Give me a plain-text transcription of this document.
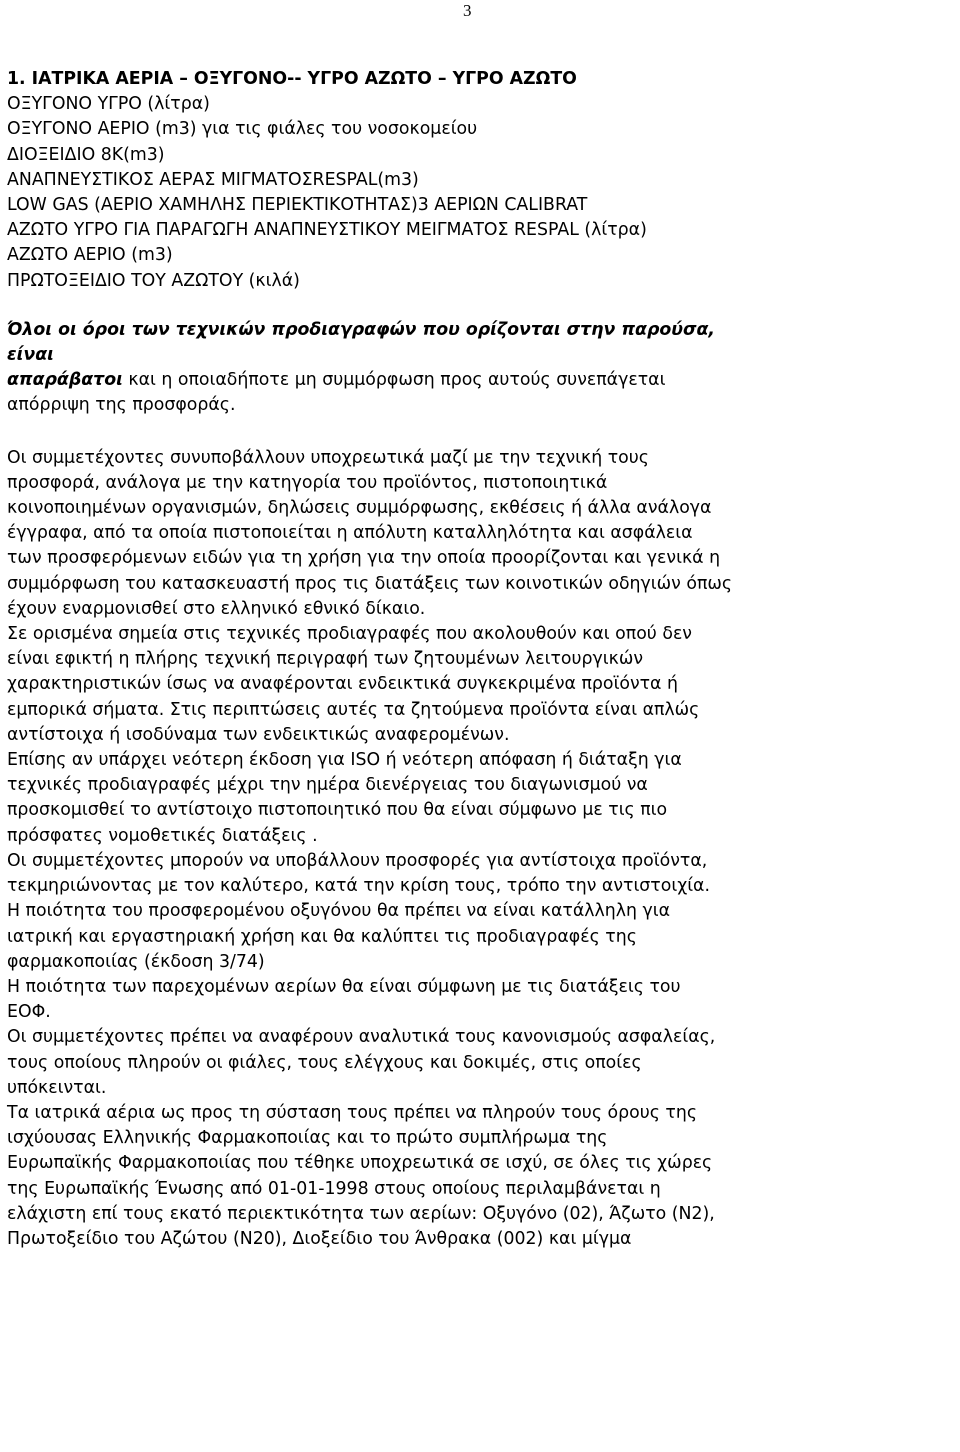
3
1. ΙΑΤΡΙΚΑ ΑΕΡΙΑ – ΟΞΥΓΟΝΟ-- ΥΓΡΟ ΑΖΩΤΟ – ΥΓΡΟ ΑΖΩΤΟ
ΟΞΥΓΟΝΟ ΥΓΡΟ (λίτρα)
ΟΞΥΓΟΝΟ ΑΕΡΙΟ (m3) για τις φιάλες του νοσοκομείου
ΔΙΟΞΕΙΔΙΟ 8Κ(m3)
ΑΝΑΠΝΕΥΣΤΙΚΟΣ ΑΕΡΑΣ ΜΙΓΜΑΤΟΣRESPAL(m3)
LOW GAS (ΑΕΡΙΟ ΧΑΜΗΛΗΣ ΠΕΡΙΕΚΤΙΚΟΤΗΤΑΣ)3 ΑΕΡΙΩΝ CALIBRAT
ΑΖΩΤΟ ΥΓΡΟ ΓΙΑ ΠΑΡΑΓΩΓΗ ΑΝΑΠΝΕΥΣΤΙΚΟΥ ΜΕΙΓΜΑΤΟΣ RESPAL (λίτρα)
ΑΖΩΤΟ ΑΕΡΙΟ (m3)
ΠΡΩΤΟΞΕΙΔΙΟ ΤΟΥ ΑΖΩΤΟΥ (κιλά)
Όλοι οι όροι των τεχνικών προδιαγραφών που ορίζονται στην παρούσα,
είναι
απαράβατοι και η οποιαδήποτε μη συμμόρφωση προς αυτούς συνεπάγεται
απόρριψη της προσφοράς.
Οι συμμετέχοντες συνυποβάλλουν υποχρεωτικά μαζί με την τεχνική τους
προσφορά, ανάλογα με την κατηγορία του προϊόντος, πιστοποιητικά
κοινοποιημένων οργανισμών, δηλώσεις συμμόρφωσης, εκθέσεις ή άλλα ανάλογα
έγγραφα, από τα οποία πιστοποιείται η απόλυτη καταλληλότητα και ασφάλεια
των προσφερόμενων ειδών για τη χρήση για την οποία προορίζονται και γενικά η
συμμόρφωση του κατασκευαστή προς τις διατάξεις των κοινοτικών οδηγιών όπως
έχουν εναρμονισθεί στο ελληνικό εθνικό δίκαιο.
Σε ορισμένα σημεία στις τεχνικές προδιαγραφές που ακολουθούν και οπού δεν
είναι εφικτή η πλήρης τεχνική περιγραφή των ζητουμένων λειτουργικών
χαρακτηριστικών ίσως να αναφέρονται ενδεικτικά συγκεκριμένα προϊόντα ή
εμπορικά σήματα. Στις περιπτώσεις αυτές τα ζητούμενα προϊόντα είναι απλώς
αντίστοιχα ή ισοδύναμα των ενδεικτικώς αναφερομένων.
Επίσης αν υπάρχει νεότερη έκδοση για ISO ή νεότερη απόφαση ή διάταξη για
τεχνικές προδιαγραφές μέχρι την ημέρα διενέργειας του διαγωνισμού να
προσκομισθεί το αντίστοιχο πιστοποιητικό που θα είναι σύμφωνο με τις πιο
πρόσφατες νομοθετικές διατάξεις .
Οι συμμετέχοντες μπορούν να υποβάλλουν προσφορές για αντίστοιχα προϊόντα,
τεκμηριώνοντας με τον καλύτερο, κατά την κρίση τους, τρόπο την αντιστοιχία.
Η ποιότητα του προσφερομένου οξυγόνου θα πρέπει να είναι κατάλληλη για
ιατρική και εργαστηριακή χρήση και θα καλύπτει τις προδιαγραφές της
φαρμακοποιίας (έκδοση 3/74)
Η ποιότητα των παρεχομένων αερίων θα είναι σύμφωνη με τις διατάξεις του
ΕΟΦ.
Οι συμμετέχοντες πρέπει να αναφέρουν αναλυτικά τους κανονισμούς ασφαλείας,
τους οποίους πληρούν οι φιάλες, τους ελέγχους και δοκιμές, στις οποίες
υπόκεινται.
Τα ιατρικά αέρια ως προς τη σύσταση τους πρέπει να πληρούν τους όρους της
ισχύουσας Ελληνικής Φαρμακοποιίας και το πρώτο συμπλήρωμα της
Ευρωπαϊκής Φαρμακοποιίας που τέθηκε υποχρεωτικά σε ισχύ, σε όλες τις χώρες
της Ευρωπαϊκής Ένωσης από 01-01-1998 στους οποίους περιλαμβάνεται η
ελάχιστη επί τους εκατό περιεκτικότητα των αερίων: Οξυγόνο (02), Άζωτο (Ν2),
Πρωτοξείδιο του Αζώτου (Ν20), Διοξείδιο του Άνθρακα (002) και μίγμα
